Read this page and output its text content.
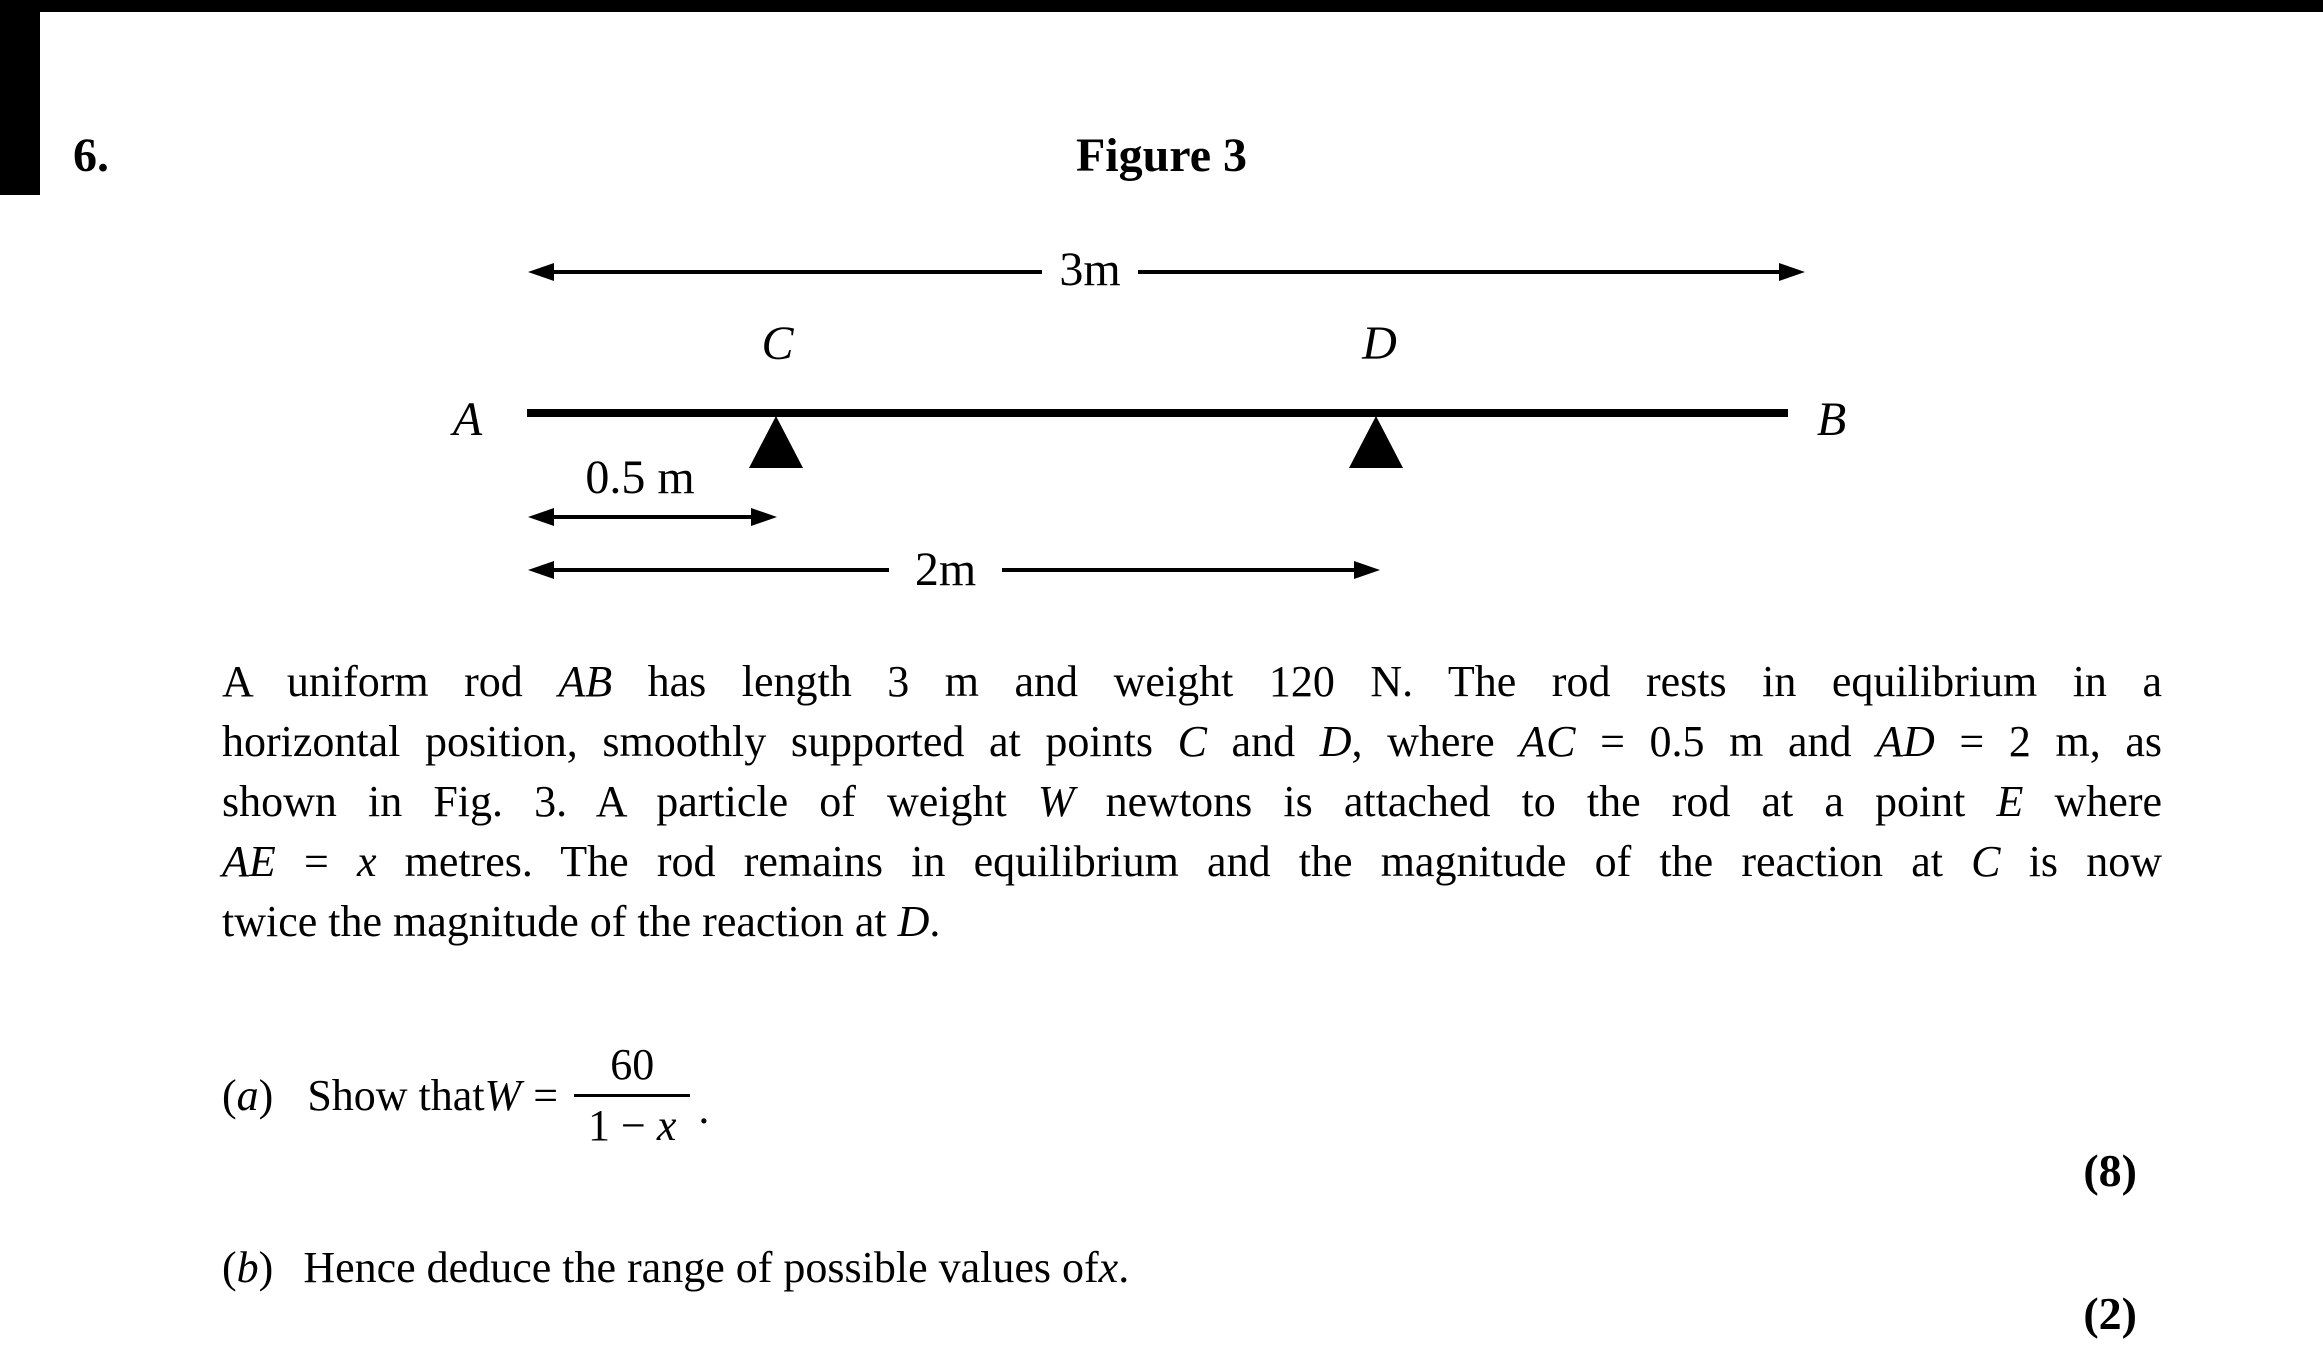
6.	Figure 3
3m
C	D
A	B
0.5 m
2m
A uniform rod AB has length 3 m and weight 120 N. The rod rests in equilibrium in a
horizontal position, smoothly supported at points C and D, where AC = 0.5 m and AD = 2 m, as
shown in Fig. 3. A particle of weight W newtons is attached to the rod at a point E where
AE = x metres. The rod remains in equilibrium and the magnitude of the reaction at C is now
twice the magnitude of the reaction at D.
(a) Show that $W = \frac{60}{1 - x}$ .
(8)
(b) Hence deduce the range of possible values of x .
(2)
